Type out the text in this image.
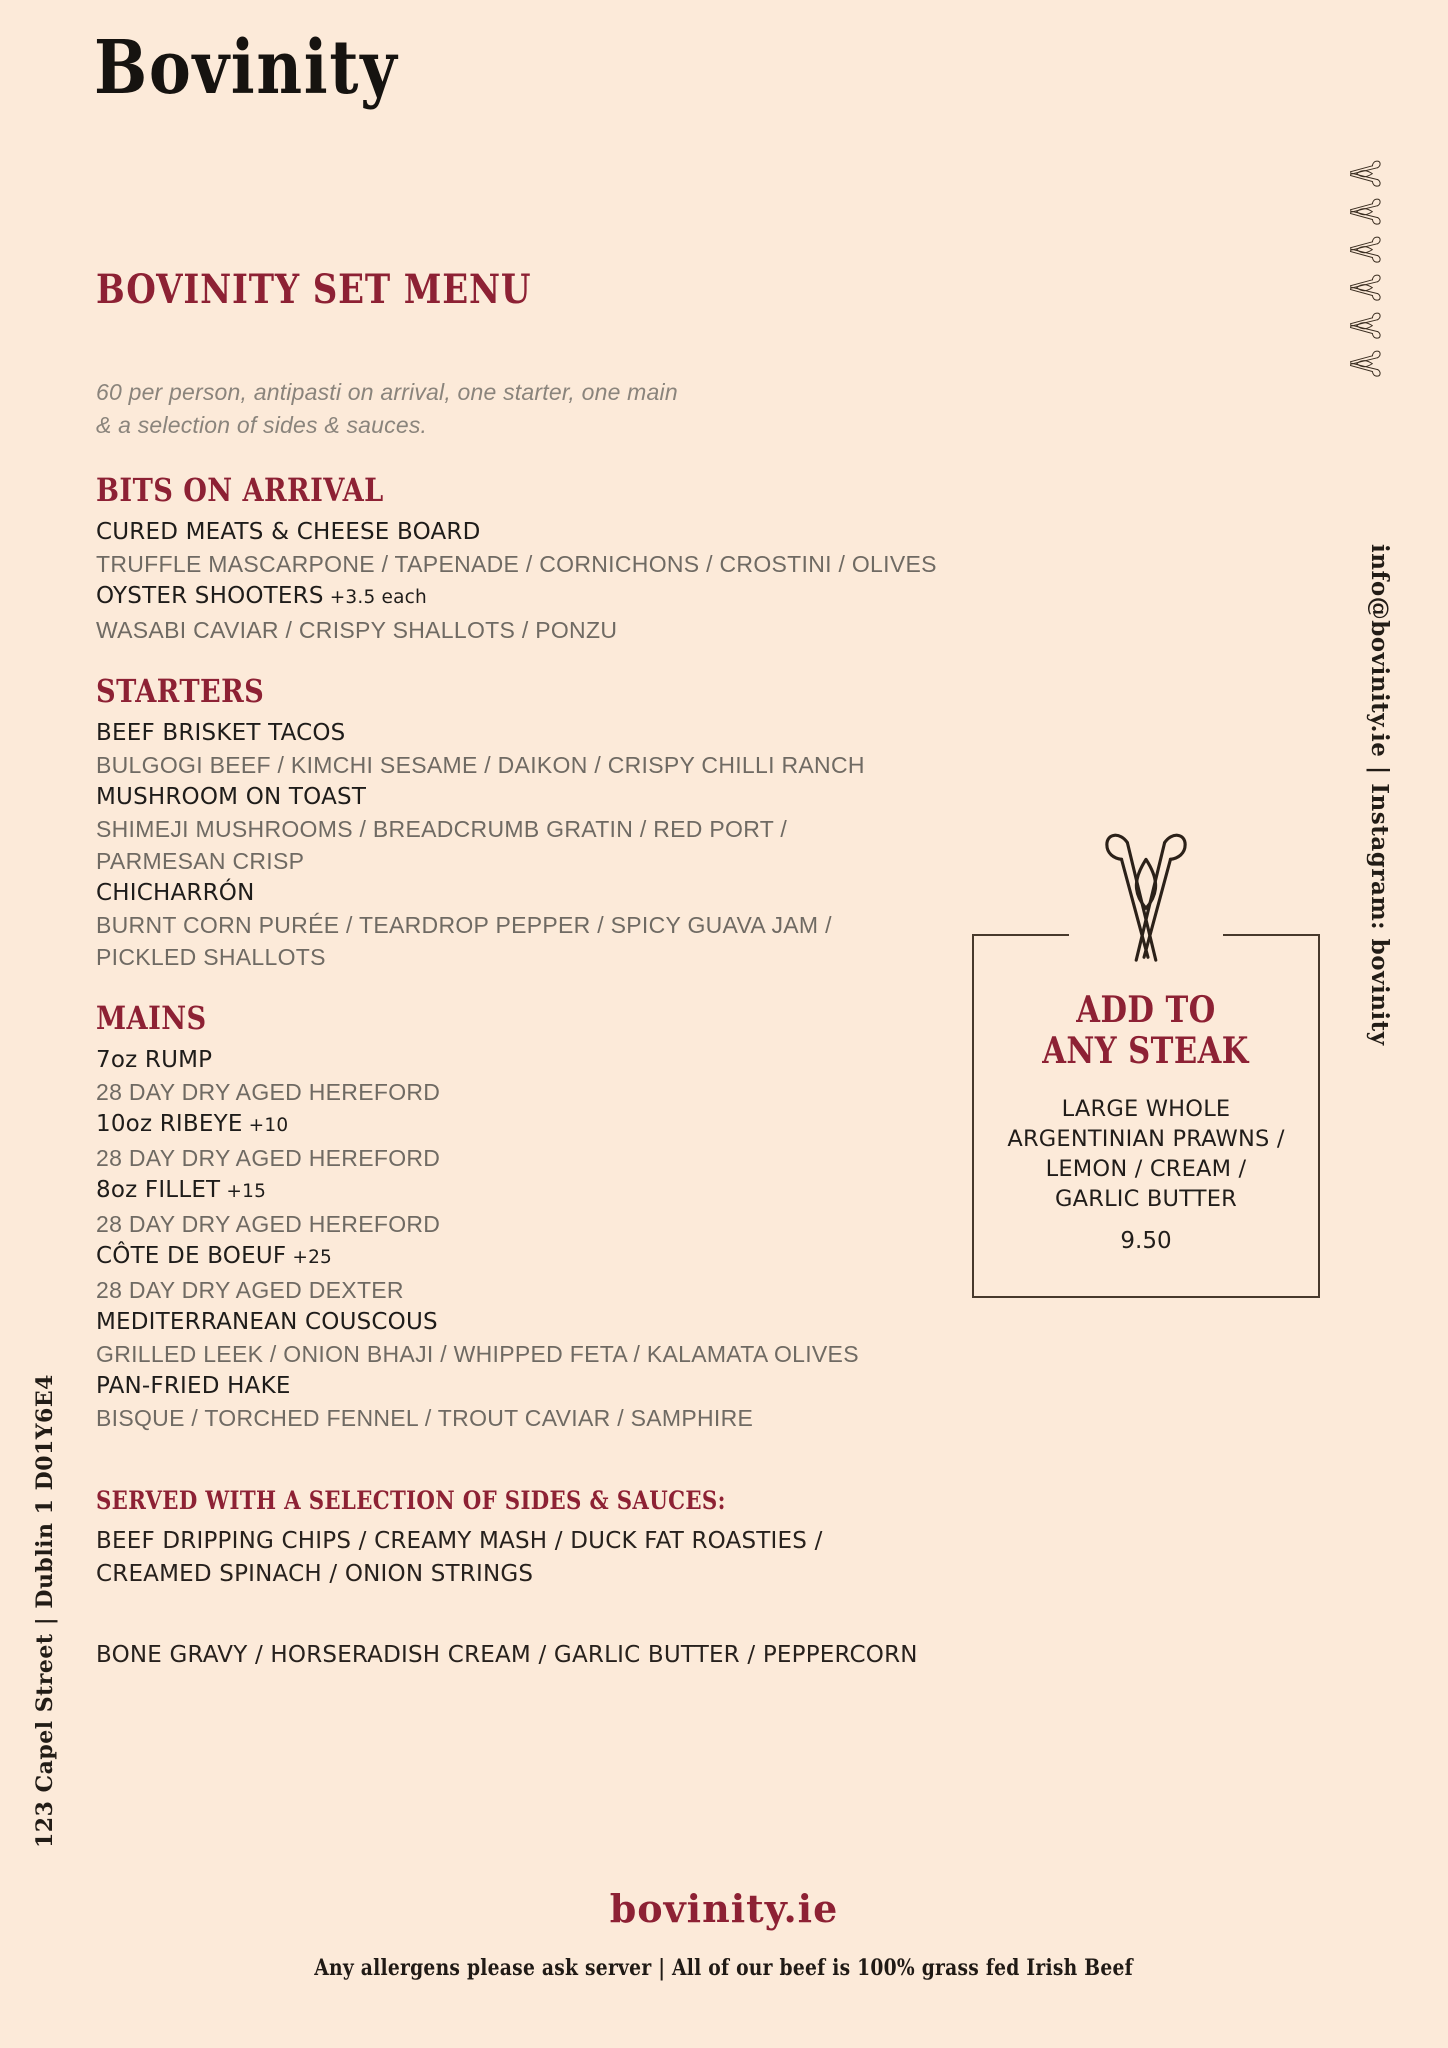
Bovinity
BOVINITY SET MENU
60 per person, antipasti on arrival, one starter, one main
& a selection of sides & sauces.
BITS ON ARRIVAL
CURED MEATS & CHEESE BOARD
TRUFFLE MASCARPONE / TAPENADE / CORNICHONS / CROSTINI / OLIVES
OYSTER SHOOTERS +3.5 each
WASABI CAVIAR / CRISPY SHALLOTS / PONZU
STARTERS
BEEF BRISKET TACOS
BULGOGI BEEF / KIMCHI SESAME / DAIKON / CRISPY CHILLI RANCH
MUSHROOM ON TOAST
SHIMEJI MUSHROOMS / BREADCRUMB GRATIN / RED PORT /
PARMESAN CRISP
CHICHARRÓN
BURNT CORN PURÉE / TEARDROP PEPPER / SPICY GUAVA JAM /
PICKLED SHALLOTS
MAINS
7oz RUMP
28 DAY DRY AGED HEREFORD
10oz RIBEYE +10
28 DAY DRY AGED HEREFORD
8oz FILLET +15
28 DAY DRY AGED HEREFORD
CÔTE DE BOEUF +25
28 DAY DRY AGED DEXTER
MEDITERRANEAN COUSCOUS
GRILLED LEEK / ONION BHAJI / WHIPPED FETA / KALAMATA OLIVES
PAN-FRIED HAKE
BISQUE / TORCHED FENNEL / TROUT CAVIAR / SAMPHIRE
SERVED WITH A SELECTION OF SIDES & SAUCES:
BEEF DRIPPING CHIPS / CREAMY MASH / DUCK FAT ROASTIES /
CREAMED SPINACH / ONION STRINGS
BONE GRAVY / HORSERADISH CREAM / GARLIC BUTTER / PEPPERCORN
ADD TO
ANY STEAK
LARGE WHOLE
ARGENTINIAN PRAWNS /
LEMON / CREAM /
GARLIC BUTTER
9.50
info@bovinity.ie | Instagram: bovinity
123 Capel Street | Dublin 1 D01Y6E4
bovinity.ie
Any allergens please ask server | All of our beef is 100% grass fed Irish Beef
